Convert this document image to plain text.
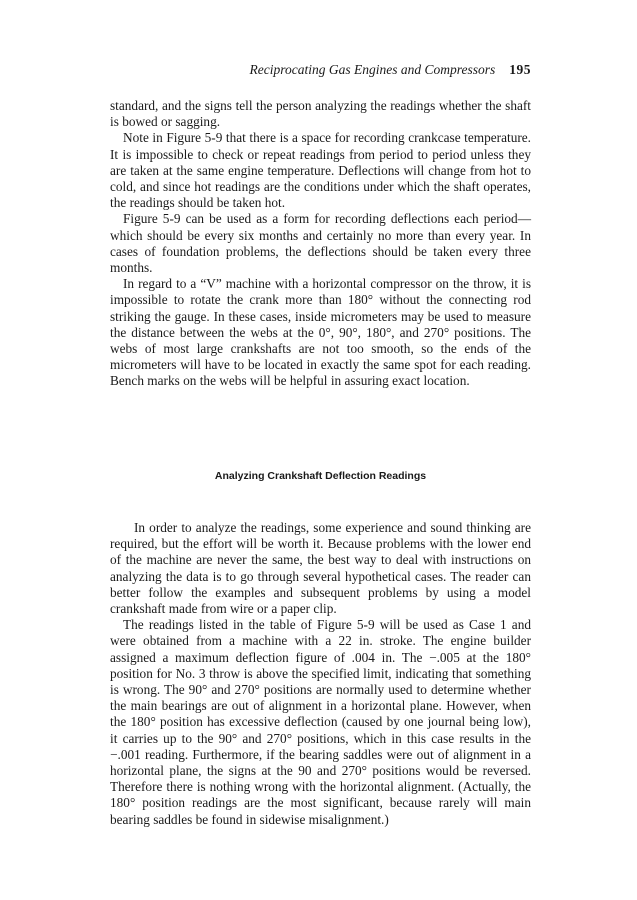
Reciprocating Gas Engines and Compressors 195

standard, and the signs tell the person analyzing the readings whether the shaft is bowed or sagging.

Note in Figure 5-9 that there is a space for recording crankcase temperature. It is impossible to check or repeat readings from period to period unless they are taken at the same engine temperature. Deflections will change from hot to cold, and since hot readings are the conditions under which the shaft operates, the readings should be taken hot.

Figure 5-9 can be used as a form for recording deflections each period—which should be every six months and certainly no more than every year. In cases of foundation problems, the deflections should be taken every three months.

In regard to a “V” machine with a horizontal compressor on the throw, it is impossible to rotate the crank more than 180° without the connecting rod striking the gauge. In these cases, inside micrometers may be used to measure the distance between the webs at the 0°, 90°, 180°, and 270° positions. The webs of most large crankshafts are not too smooth, so the ends of the micrometers will have to be located in exactly the same spot for each reading. Bench marks on the webs will be helpful in assuring exact location.

Analyzing Crankshaft Deflection Readings

In order to analyze the readings, some experience and sound thinking are required, but the effort will be worth it. Because problems with the lower end of the machine are never the same, the best way to deal with instructions on analyzing the data is to go through several hypothetical cases. The reader can better follow the examples and subsequent problems by using a model crankshaft made from wire or a paper clip.

The readings listed in the table of Figure 5-9 will be used as Case 1 and were obtained from a machine with a 22 in. stroke. The engine builder assigned a maximum deflection figure of .004 in. The −.005 at the 180° position for No. 3 throw is above the specified limit, indicating that something is wrong. The 90° and 270° positions are normally used to determine whether the main bearings are out of alignment in a horizontal plane. However, when the 180° position has excessive deflection (caused by one journal being low), it carries up to the 90° and 270° positions, which in this case results in the −.001 reading. Furthermore, if the bearing saddles were out of alignment in a horizontal plane, the signs at the 90 and 270° positions would be reversed. Therefore there is nothing wrong with the horizontal alignment. (Actually, the 180° position readings are the most significant, because rarely will main bearing saddles be found in sidewise misalignment.)
